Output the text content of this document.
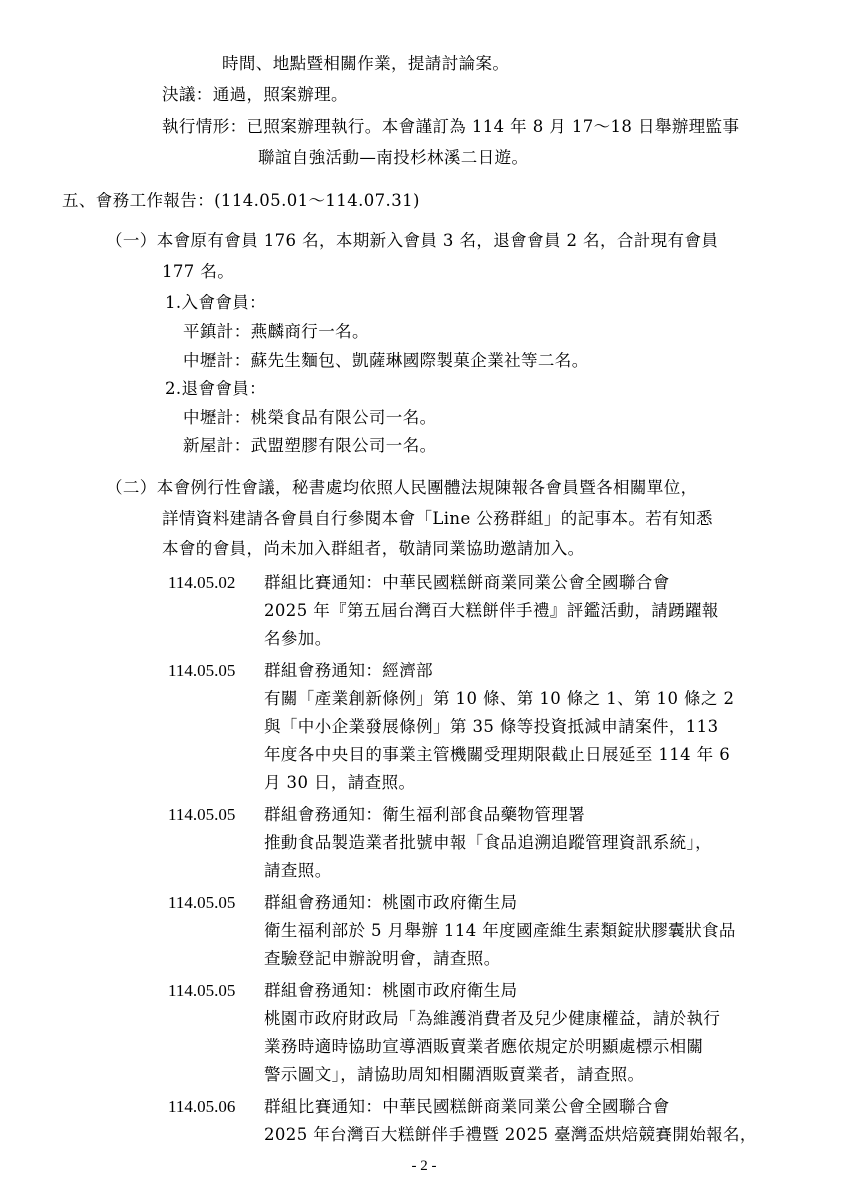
時間、地點暨相關作業，提請討論案。
決議：通過，照案辦理。
執行情形：已照案辦理執行。本會謹訂為 114 年 8 月 17～18 日舉辦理監事
聯誼自強活動—南投杉林溪二日遊。
五、會務工作報告：(114.05.01～114.07.31)
（一）本會原有會員 176 名，本期新入會員 3 名，退會會員 2 名，合計現有會員
177 名。
1.入會會員：
平鎮計：燕麟商行一名。
中壢計：蘇先生麵包、凱薩琳國際製菓企業社等二名。
2.退會會員：
中壢計：桃榮食品有限公司一名。
新屋計：武盟塑膠有限公司一名。
（二）本會例行性會議，秘書處均依照人民團體法規陳報各會員暨各相關單位，
詳情資料建請各會員自行參閱本會「Line 公務群組」的記事本。若有知悉
本會的會員，尚未加入群組者，敬請同業協助邀請加入。
114.05.02 群組比賽通知：中華民國糕餅商業同業公會全國聯合會
2025 年『第五屆台灣百大糕餅伴手禮』評鑑活動，請踴躍報
名參加。
114.05.05 群組會務通知：經濟部
有關「產業創新條例」第 10 條、第 10 條之 1、第 10 條之 2
與「中小企業發展條例」第 35 條等投資抵減申請案件，113
年度各中央目的事業主管機關受理期限截止日展延至 114 年 6
月 30 日，請查照。
114.05.05 群組會務通知：衛生福利部食品藥物管理署
推動食品製造業者批號申報「食品追溯追蹤管理資訊系統」，
請查照。
114.05.05 群組會務通知：桃園市政府衛生局
衛生福利部於 5 月舉辦 114 年度國產維生素類錠狀膠囊狀食品
查驗登記申辦說明會，請查照。
114.05.05 群組會務通知：桃園市政府衛生局
桃園市政府財政局「為維護消費者及兒少健康權益，請於執行
業務時適時協助宣導酒販賣業者應依規定於明顯處標示相關
警示圖文」，請協助周知相關酒販賣業者，請查照。
114.05.06 群組比賽通知：中華民國糕餅商業同業公會全國聯合會
2025 年台灣百大糕餅伴手禮暨 2025 臺灣盃烘焙競賽開始報名，
- 2 -
